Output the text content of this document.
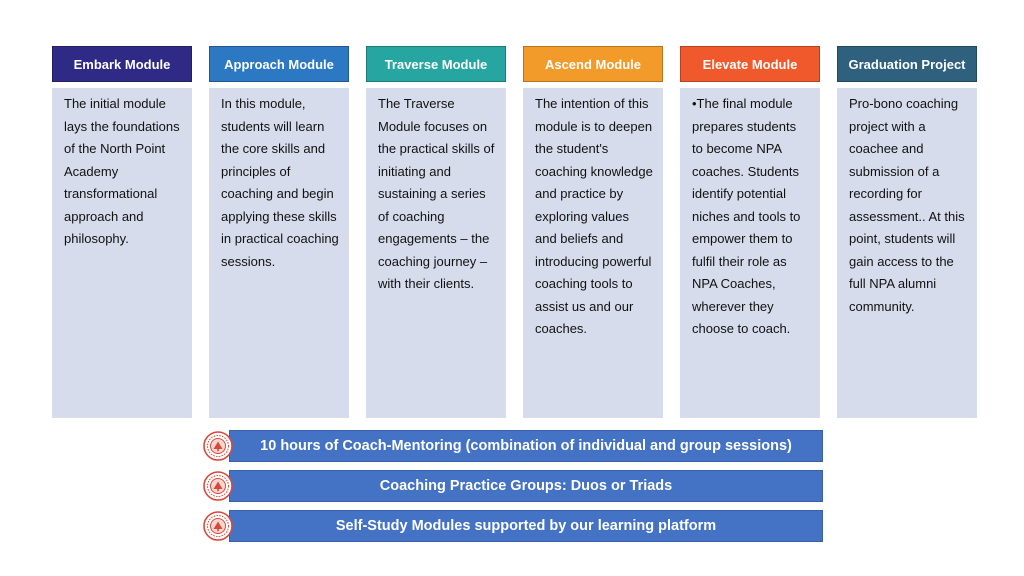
Embark Module
The initial module lays the foundations of the North Point Academy transformational approach and philosophy.
Approach Module
In this module, students will learn the core skills and principles of coaching and begin applying these skills in practical coaching sessions.
Traverse Module
The Traverse Module focuses on the practical skills of initiating and sustaining a series of coaching engagements – the coaching journey – with their clients.
Ascend Module
The intention of this module is to deepen the student's coaching knowledge and practice by exploring values and beliefs and introducing powerful coaching tools to assist us and our coaches.
Elevate Module
•The final module prepares students to become NPA coaches. Students identify potential niches and tools to empower them to fulfil their role as NPA Coaches, wherever they choose to coach.
Graduation Project
Pro-bono coaching project with a coachee and submission of a recording for assessment.. At this point, students will gain access to the full NPA alumni community.
10 hours of Coach-Mentoring (combination of individual and group sessions)
Coaching Practice Groups: Duos or Triads
Self-Study Modules supported by our learning platform
